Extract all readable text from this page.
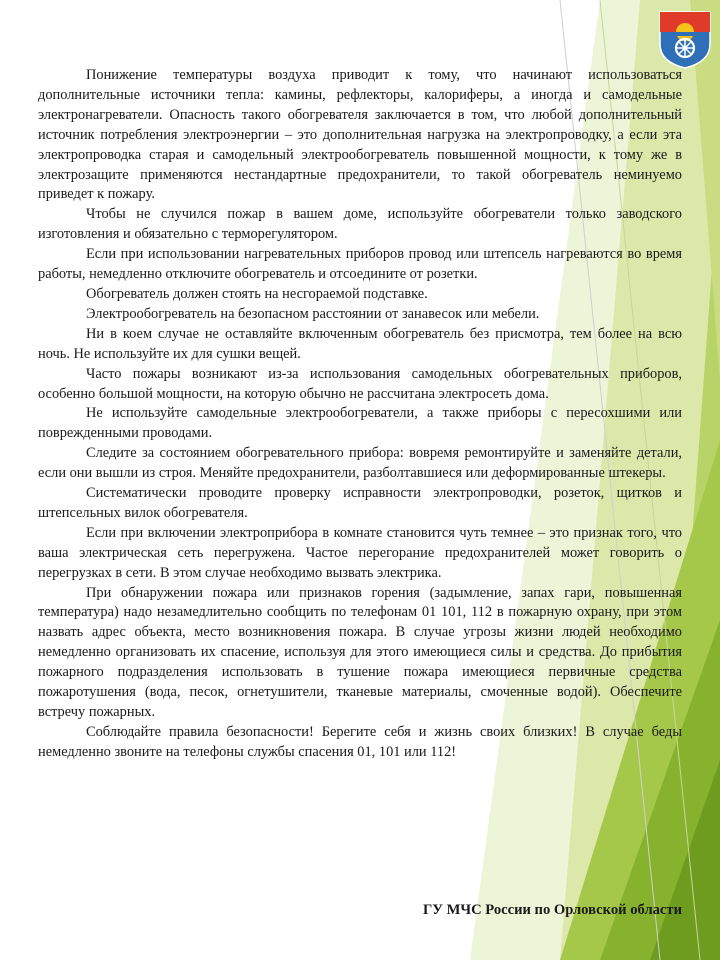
Понижение температуры воздуха приводит к тому, что начинают использоваться дополнительные источники тепла: камины, рефлекторы, калориферы, а иногда и самодельные электронагреватели. Опасность такого обогревателя заключается в том, что любой дополнительный источник потребления электроэнергии – это дополнительная нагрузка на электропроводку, а если эта электропроводка старая и самодельный электрообогреватель повышенной мощности, к тому же в электрозащите применяются нестандартные предохранители, то такой обогреватель неминуемо приведет к пожару.

Чтобы не случился пожар в вашем доме, используйте обогреватели только заводского изготовления и обязательно с терморегулятором.

Если при использовании нагревательных приборов провод или штепсель нагреваются во время работы, немедленно отключите обогреватель и отсоедините от розетки.

Обогреватель должен стоять на несгораемой подставке.

Электрообогреватель на безопасном расстоянии от занавесок или мебели.

Ни в коем случае не оставляйте включенным обогреватель без присмотра, тем более на всю ночь. Не используйте их для сушки вещей.

Часто пожары возникают из-за использования самодельных обогревательных приборов, особенно большой мощности, на которую обычно не рассчитана электросеть дома.

Не используйте самодельные электрообогреватели, а также приборы с пересохшими или поврежденными проводами.

Следите за состоянием обогревательного прибора: вовремя ремонтируйте и заменяйте детали, если они вышли из строя. Меняйте предохранители, разболтавшиеся или деформированные штекеры.

Систематически проводите проверку исправности электропроводки, розеток, щитков и штепсельных вилок обогревателя.

Если при включении электроприбора в комнате становится чуть темнее – это признак того, что ваша электрическая сеть перегружена. Частое перегорание предохранителей может говорить о перегрузках в сети. В этом случае необходимо вызвать электрика.

При обнаружении пожара или признаков горения (задымление, запах гари, повышенная температура) надо незамедлительно сообщить по телефонам 01 101, 112 в пожарную охрану, при этом назвать адрес объекта, место возникновения пожара. В случае угрозы жизни людей необходимо немедленно организовать их спасение, используя для этого имеющиеся силы и средства. До прибытия пожарного подразделения использовать в тушение пожара имеющиеся первичные средства пожаротушения (вода, песок, огнетушители, тканевые материалы, смоченные водой). Обеспечите встречу пожарных.

Соблюдайте правила безопасности! Берегите себя и жизнь своих близких! В случае беды немедленно звоните на телефоны службы спасения 01, 101 или 112!

ГУ МЧС России по Орловской области
